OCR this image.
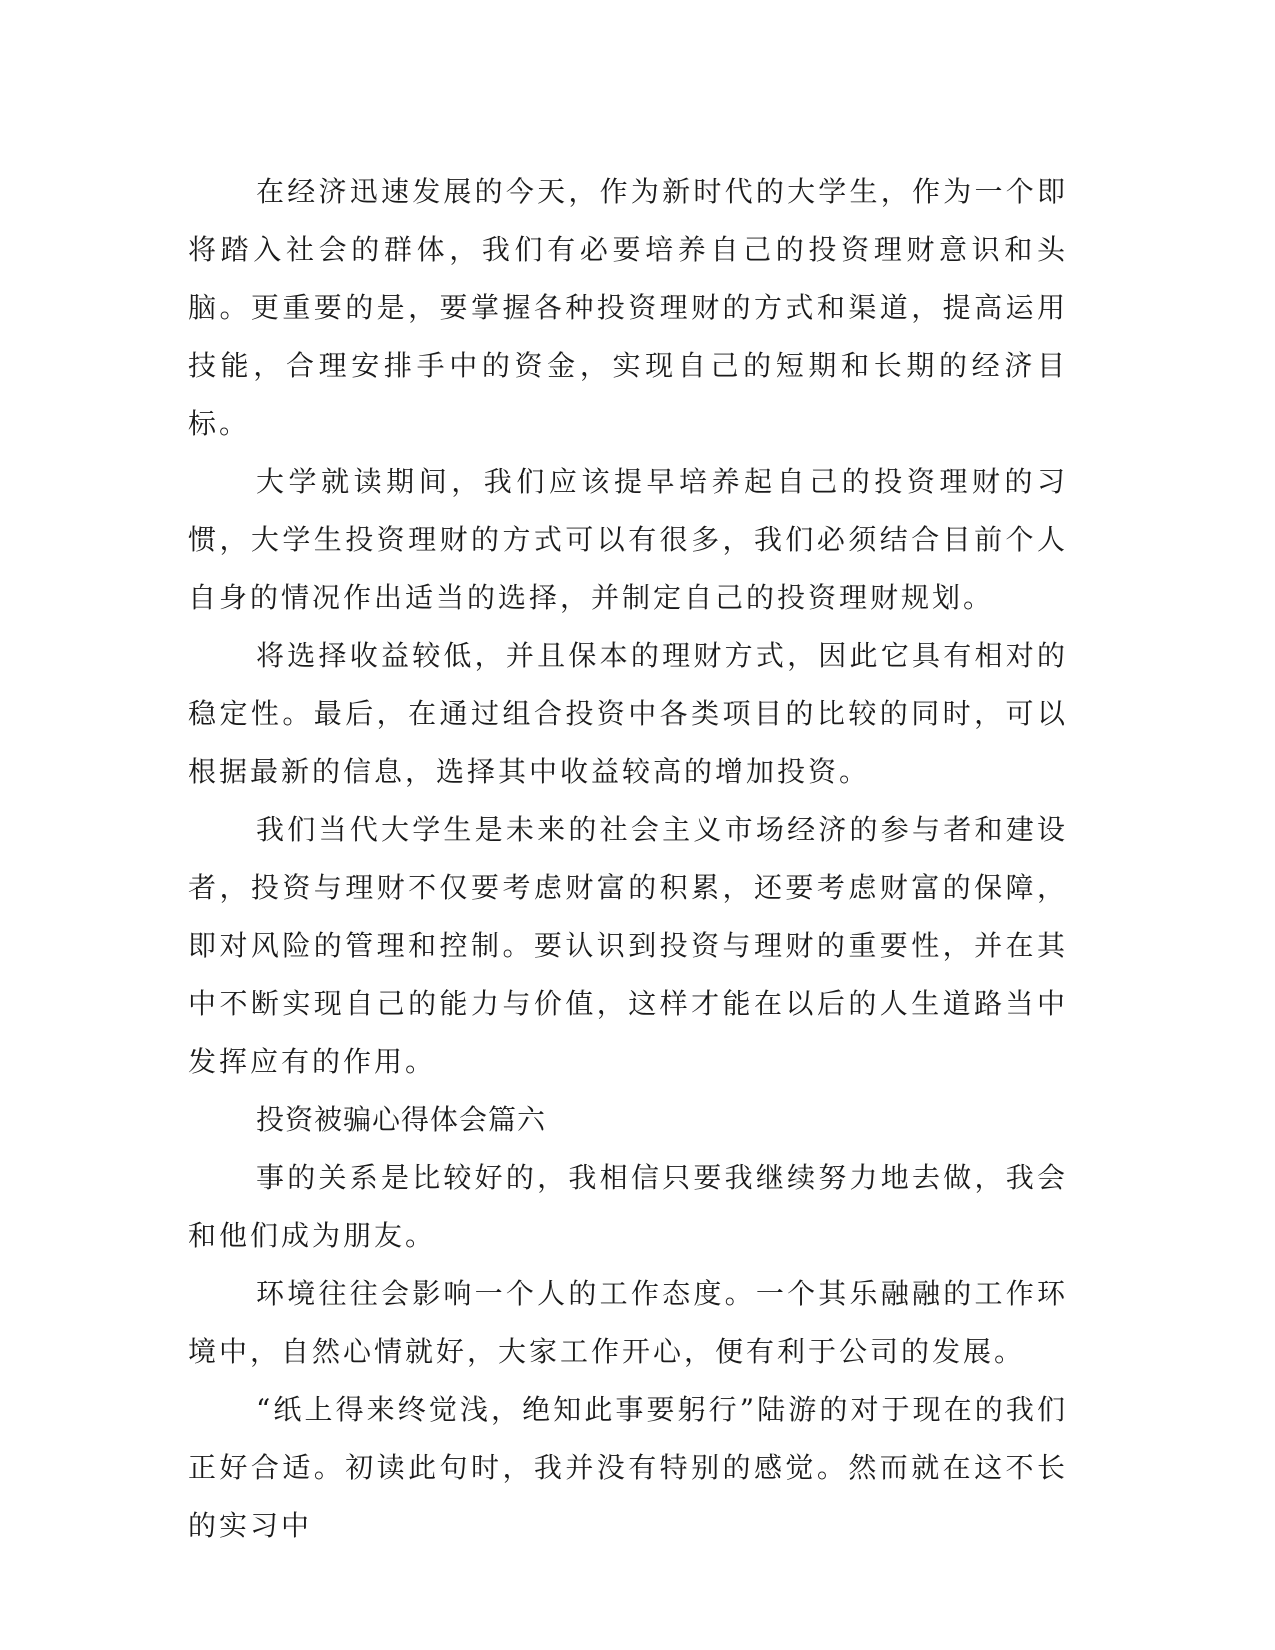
在经济迅速发展的今天，作为新时代的大学生，作为一个即将踏入社会的群体，我们有必要培养自己的投资理财意识和头脑。更重要的是，要掌握各种投资理财的方式和渠道，提高运用技能，合理安排手中的资金，实现自己的短期和长期的经济目标。

大学就读期间，我们应该提早培养起自己的投资理财的习惯，大学生投资理财的方式可以有很多，我们必须结合目前个人自身的情况作出适当的选择，并制定自己的投资理财规划。

将选择收益较低，并且保本的理财方式，因此它具有相对的稳定性。最后，在通过组合投资中各类项目的比较的同时，可以根据最新的信息，选择其中收益较高的增加投资。

我们当代大学生是未来的社会主义市场经济的参与者和建设者，投资与理财不仅要考虑财富的积累，还要考虑财富的保障，即对风险的管理和控制。要认识到投资与理财的重要性，并在其中不断实现自己的能力与价值，这样才能在以后的人生道路当中发挥应有的作用。

投资被骗心得体会篇六

事的关系是比较好的，我相信只要我继续努力地去做，我会和他们成为朋友。

环境往往会影响一个人的工作态度。一个其乐融融的工作环境中，自然心情就好，大家工作开心，便有利于公司的发展。

“纸上得来终觉浅，绝知此事要躬行”陆游的对于现在的我们正好合适。初读此句时，我并没有特别的感觉。然而就在这不长的实习中
